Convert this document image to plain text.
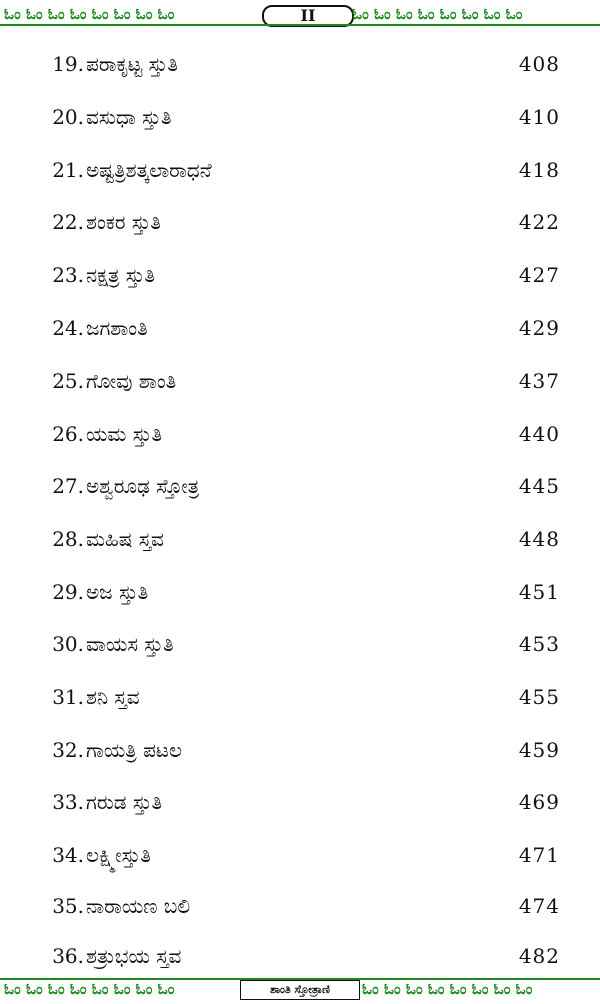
ಓಂ ಓಂ ಓಂ ಓಂ ಓಂ ಓಂ ಓಂ ಓಂ	II	ಓಂ ಓಂ ಓಂ ಓಂ ಓಂ ಓಂ ಓಂ ಓಂ
19. ಪರಾಕೃಟ್ಟ ಸ್ತುತಿ	408
20. ವಸುಧಾ ಸ್ತುತಿ	410
21. ಅಷ್ಟತ್ರಿಶತ್ಕಲಾರಾಧನೆ	418
22. ಶಂಕರ ಸ್ತುತಿ	422
23. ನಕ್ಷತ್ರ ಸ್ತುತಿ	427
24. ಜಗಶಾಂತಿ	429
25. ಗೋವು ಶಾಂತಿ	437
26. ಯಮ ಸ್ತುತಿ	440
27. ಅಶ್ವರೂಢ ಸ್ತೋತ್ರ	445
28. ಮಹಿಷ ಸ್ತವ	448
29. ಅಜ ಸ್ತುತಿ	451
30. ವಾಯಸ ಸ್ತುತಿ	453
31. ಶನಿ ಸ್ತವ	455
32. ಗಾಯತ್ರಿ ಪಟಲ	459
33. ಗರುಡ ಸ್ತುತಿ	469
34. ಲಕ್ಷ್ಮೀಸ್ತುತಿ	471
35. ನಾರಾಯಣ ಬಲಿ	474
36. ಶತ್ರುಭಯ ಸ್ತವ	482
ಓಂ ಓಂ ಓಂ ಓಂ ಓಂ ಓಂ ಓಂ ಓಂ	ಶಾಂತಿ ಸ್ತೋತ್ರಾಣಿ	ಓಂ ಓಂ ಓಂ ಓಂ ಓಂ ಓಂ ಓಂ ಓಂ
